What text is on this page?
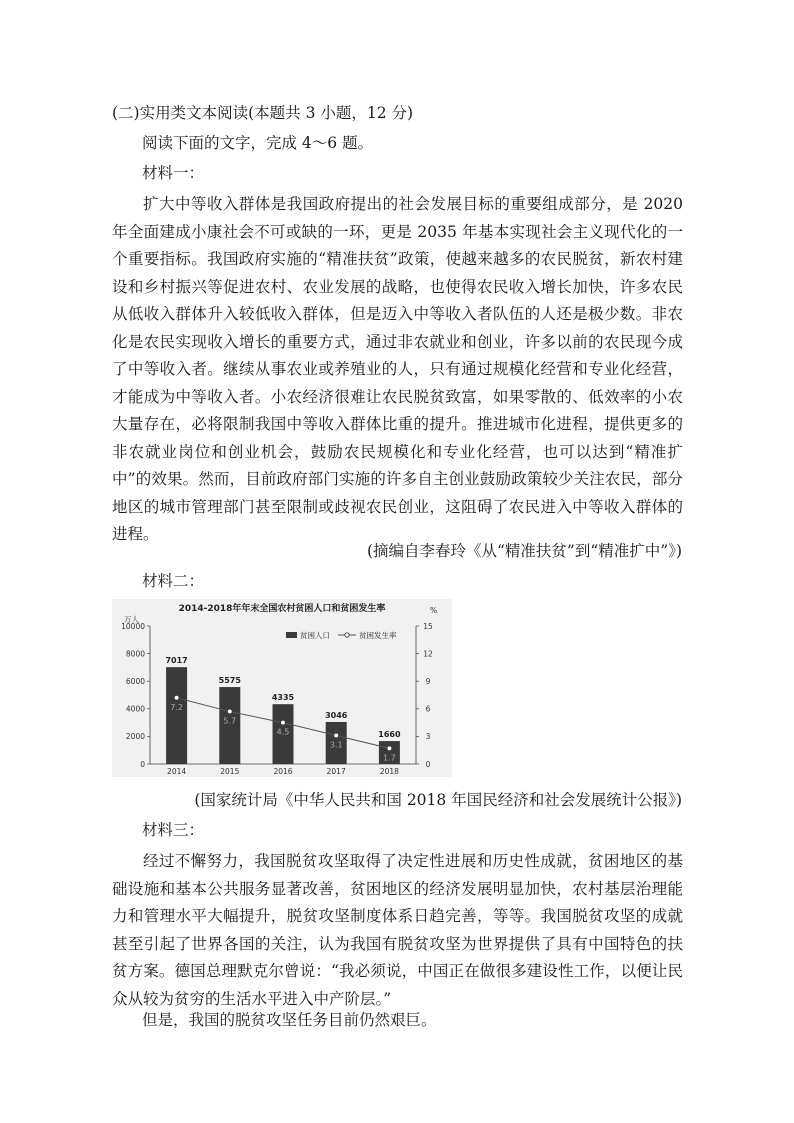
(二)实用类文本阅读(本题共 3 小题，12 分)
阅读下面的文字，完成 4～6 题。
材料一：
扩大中等收入群体是我国政府提出的社会发展目标的重要组成部分，是 2020 年全面建成小康社会不可或缺的一环，更是 2035 年基本实现社会主义现代化的一个重要指标。我国政府实施的“精准扶贫”政策，使越来越多的农民脱贫，新农村建设和乡村振兴等促进农村、农业发展的战略，也使得农民收入增长加快，许多农民从低收入群体升入较低收入群体，但是迈入中等收入者队伍的人还是极少数。非农化是农民实现收入增长的重要方式，通过非农就业和创业，许多以前的农民现今成了中等收入者。继续从事农业或养殖业的人，只有通过规模化经营和专业化经营，才能成为中等收入者。小农经济很难让农民脱贫致富，如果零散的、低效率的小农大量存在，必将限制我国中等收入群体比重的提升。推进城市化进程，提供更多的非农就业岗位和创业机会，鼓励农民规模化和专业化经营，也可以达到“精准扩中”的效果。然而，目前政府部门实施的许多自主创业鼓励政策较少关注农民，部分地区的城市管理部门甚至限制或歧视农民创业，这阻碍了农民进入中等收入群体的进程。
(摘编自李春玲《从“精准扶贫”到“精准扩中”》)
材料二：
2014-2018年年末全国农村贫困人口和贫困发生率
万人
%
0
2000
4000
6000
8000
10000
0
3
6
9
12
15
7017
2014
5575
2015
4335
2016
3046
2017
1660
2018
7.2
5.7
4.5
3.1
1.7
贫困人口	贫困发生率
(国家统计局《中华人民共和国 2018 年国民经济和社会发展统计公报》)
材料三：
经过不懈努力，我国脱贫攻坚取得了决定性进展和历史性成就，贫困地区的基础设施和基本公共服务显著改善，贫困地区的经济发展明显加快，农村基层治理能力和管理水平大幅提升，脱贫攻坚制度体系日趋完善，等等。我国脱贫攻坚的成就甚至引起了世界各国的关注，认为我国有脱贫攻坚为世界提供了具有中国特色的扶贫方案。德国总理默克尔曾说：“我必须说，中国正在做很多建设性工作，以便让民众从较为贫穷的生活水平进入中产阶层。”
但是，我国的脱贫攻坚任务目前仍然艰巨。
